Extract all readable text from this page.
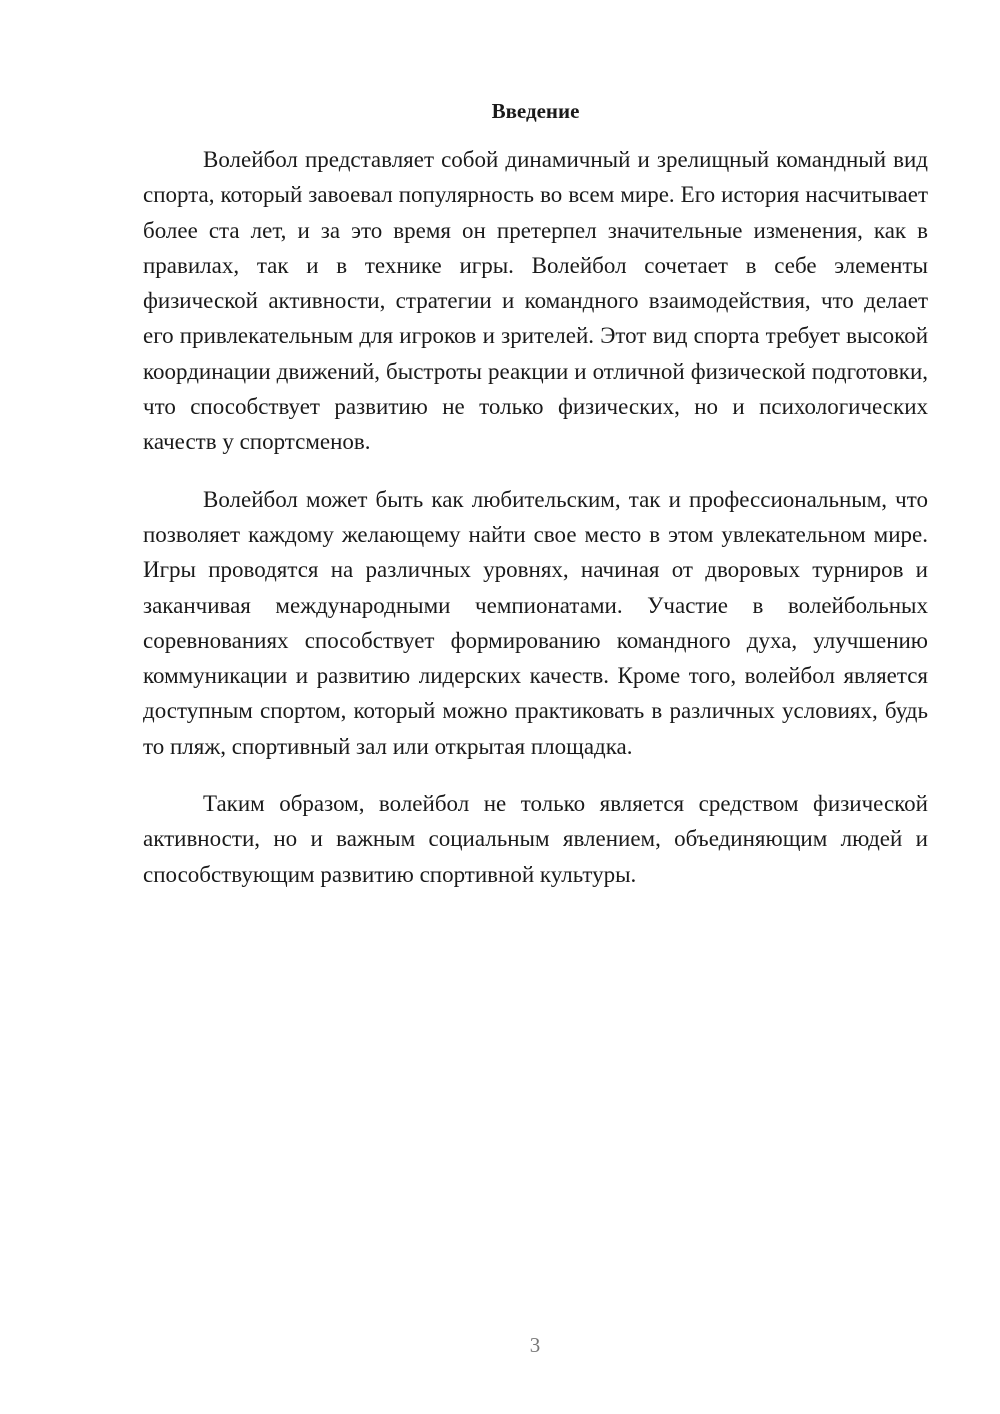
Введение

Волейбол представляет собой динамичный и зрелищный командный вид спорта, который завоевал популярность во всем мире. Его история насчитывает более ста лет, и за это время он претерпел значительные изменения, как в правилах, так и в технике игры. Волейбол сочетает в себе элементы физической активности, стратегии и командного взаимодействия, что делает его привлекательным для игроков и зрителей. Этот вид спорта требует высокой координации движений, быстроты реакции и отличной физической подготовки, что способствует развитию не только физических, но и психологических качеств у спортсменов.

Волейбол может быть как любительским, так и профессиональным, что позволяет каждому желающему найти свое место в этом увлекательном мире. Игры проводятся на различных уровнях, начиная от дворовых турниров и заканчивая международными чемпионатами. Участие в волейбольных соревнованиях способствует формированию командного духа, улучшению коммуникации и развитию лидерских качеств. Кроме того, волейбол является доступным спортом, который можно практиковать в различных условиях, будь то пляж, спортивный зал или открытая площадка.

Таким образом, волейбол не только является средством физической активности, но и важным социальным явлением, объединяющим людей и способствующим развитию спортивной культуры.

3
